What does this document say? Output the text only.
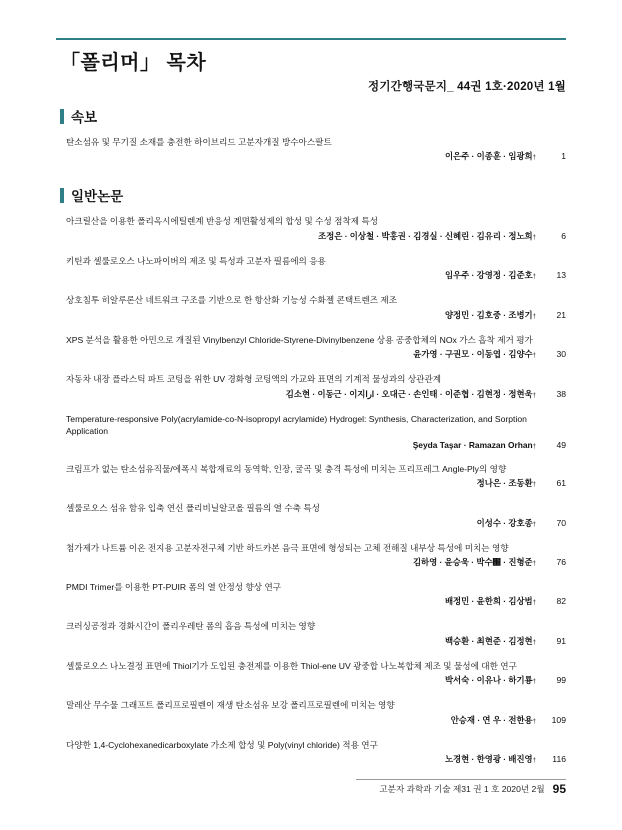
「폴리머」 목차
정기간행국문지_ 44권 1호·2020년 1월
속보
탄소섬유 및 무기질 소재를 충전한 하이브리드 고분자개질 방수아스팔트
이은주 · 이종훈 · 임광희 †	1
일반논문
아크릴산을 이용한 폴리옥시에틸렌계 반응성 계면활성제의 합성 및 수성 점착제 특성
조정은 · 이상철 · 박홍권 · 김경실 · 신혜린 · 김유리 · 정노희 †	6
키틴과 셀룰로오스 나노파이버의 제조 및 특성과 고분자 필름에의 응용
임우주 · 강영정 · 김준호 †	13
상호침투 히알루론산 네트워크 구조를 기반으로 한 항산화 기능성 수화젤 콘택트렌즈 제조
양정민 · 김호중 · 조병기 †	21
XPS 분석을 활용한 아민으로 개질된 Vinylbenzyl Chloride-Styrene-Divinylbenzene 상용 공중합체의 NOx 가스 흡착 제거 평가
윤가영 · 구권모 · 이동엽 · 김양수 †	30
자동차 내장 플라스틱 파트 코팅을 위한 UV 경화형 코팅액의 가교와 표면의 기계적 물성과의 상관관계
김소현 · 이동근 · 이지ارا · 오대근 · 손인태 · 이준협 · 김현정 · 정현욱 †	38
Temperature-responsive Poly(acrylamide-co-N-isopropyl acrylamide) Hydrogel: Synthesis, Characterization, and Sorption Application
Şeyda Taşar · Ramazan Orhan †	49
크림프가 없는 탄소섬유직물/에폭시 복합재료의 동역학, 인장, 굴곡 및 충격 특성에 미치는 프리프레그 Angle-Ply의 영향
정나은 · 조동환 †	61
셀룰로오스 섬유 함유 입축 연신 폴리비닐알코올 필름의 열 수축 특성
이성수 · 강호종 †	70
첨가제가 나트륨 이온 전지용 고분자전구체 기반 하드카본 음극 표면에 형성되는 고체 전해질 내부상 특성에 미치는 영향
김하영 · 윤승욱 · 박수԰ · 진형준 †	76
PMDI Trimer를 이용한 PT-PUIR 폼의 열 안정성 향상 연구
배정민 · 윤한희 · 김상범 †	82
크러싱공정과 경화시간이 폴리우레탄 폼의 흡음 특성에 미치는 영향
백승환 · 최현준 · 김정현 †	91
셀룰로오스 나노결정 표면에 Thiol기가 도입된 충전제를 이용한 Thiol-ene UV 광중합 나노복합체 제조 및 물성에 대한 연구
박서숙 · 이유나 · 하기룡 †	99
말레산 무수물 그래프트 폴리프로필렌이 재생 탄소섬유 보강 폴리프로필렌에 미치는 영향
안승재 · 연 우 · 전한용 †	109
다양한 1,4-Cyclohexanedicarboxylate 가소제 합성 및 Poly(vinyl chloride) 적용 연구
노경현 · 한영광 · 배진영 †	116
고분자 과학과 기술 제31 권 1 호 2020년 2월 95
